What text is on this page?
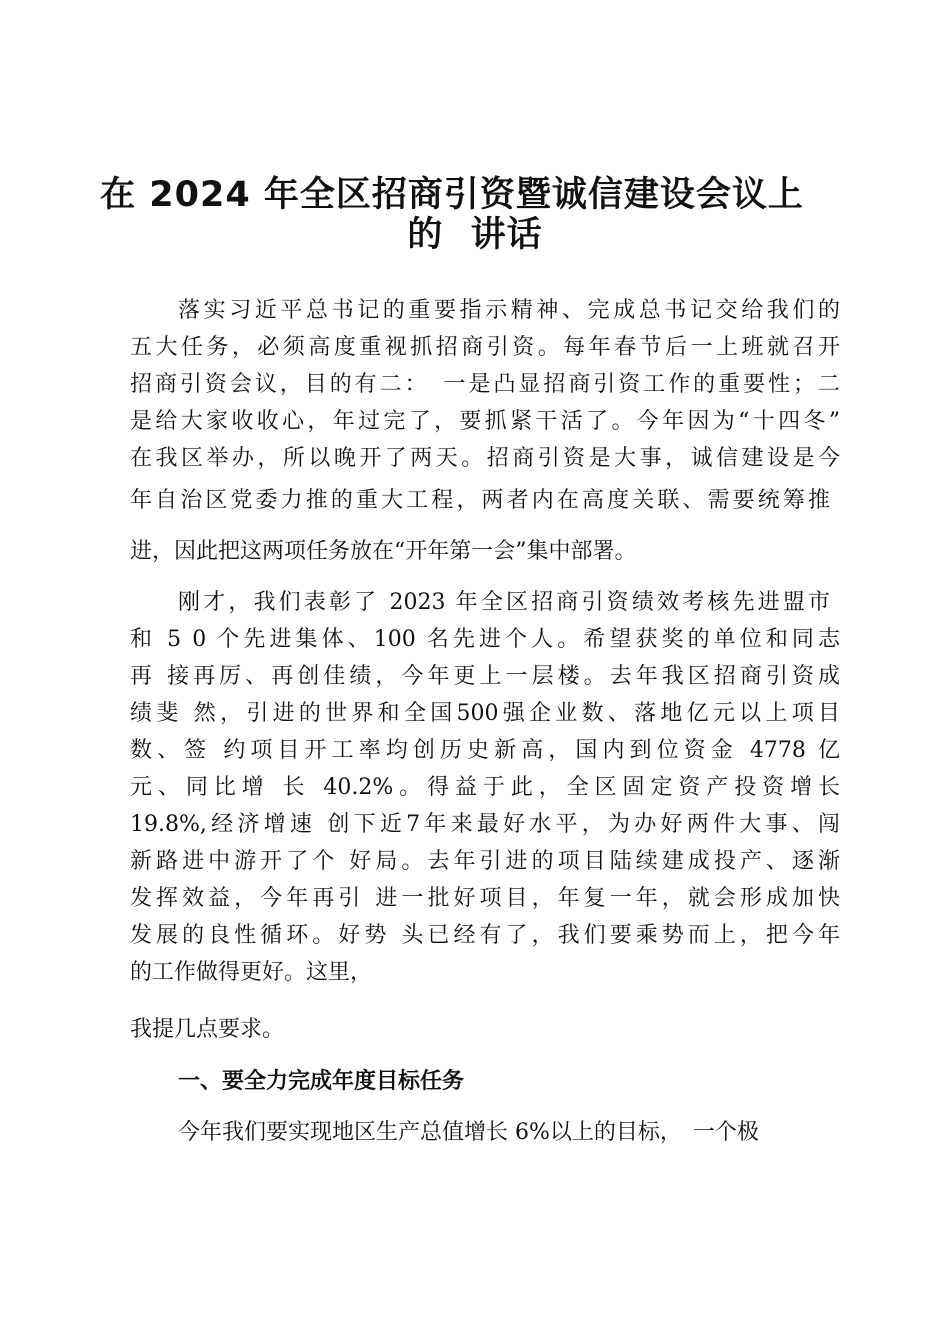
在 2024 年全区招商引资暨诚信建设会议上
的 讲话
落实习近平总书记的重要指示精神、完成总书记交给我们的
五大任务，必须高度重视抓招商引资。每年春节后一上班就召开
招商引资会议，目的有二：　一是凸显招商引资工作的重要性；二
是给大家收收心，年过完了，要抓紧干活了。今年因为“十四冬”
在我区举办，所以晚开了两天。招商引资是大事，诚信建设是今
年自治区党委力推的重大工程，两者内在高度关联、需要统筹推
进，因此把这两项任务放在“开年第一会”集中部署。
刚才，我们表彰了 2023 年全区招商引资绩效考核先进盟市
和 5 0 个先进集体、100 名先进个人。希望获奖的单位和同志
再 接再厉、再创佳绩，今年更上一层楼。去年我区招商引资成
绩斐 然，引进的世界和全国500强企业数、落地亿元以上项目
数、签 约项目开工率均创历史新高，国内到位资金 4778 亿
元、同比增 长 40.2%。得益于此，全区固定资产投资增长
19.8%,经济增速 创下近7年来最好水平，为办好两件大事、闯
新路进中游开了个 好局。去年引进的项目陆续建成投产、逐渐
发挥效益，今年再引 进一批好项目，年复一年，就会形成加快
发展的良性循环。好势 头已经有了，我们要乘势而上，把今年
的工作做得更好。这里，
我提几点要求。
一、要全力完成年度目标任务
今年我们要实现地区生产总值增长 6%以上的目标，　一个极
